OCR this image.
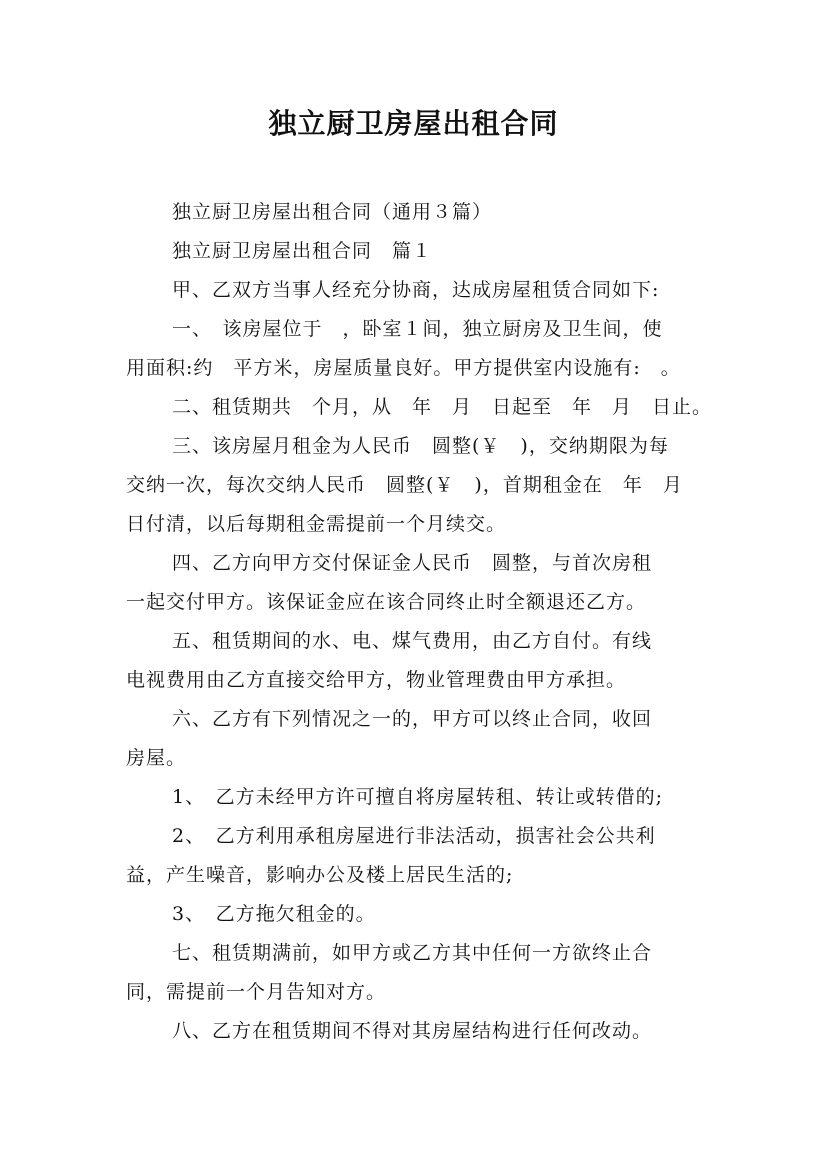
独立厨卫房屋出租合同
独立厨卫房屋出租合同（通用３篇）
独立厨卫房屋出租合同　篇１
甲、乙双方当事人经充分协商，达成房屋租赁合同如下:
一、　该房屋位于　，卧室１间，独立厨房及卫生间，使
用面积:约　平方米，房屋质量良好。甲方提供室内设施有:　。
二、租赁期共　个月，从　年　月　日起至　年　月　日止。
三、该房屋月租金为人民币　圆整(￥　)，交纳期限为每
交纳一次，每次交纳人民币　圆整(￥　)，首期租金在　年　月
日付清，以后每期租金需提前一个月续交。
四、乙方向甲方交付保证金人民币　圆整，与首次房租
一起交付甲方。该保证金应在该合同终止时全额退还乙方。
五、租赁期间的水、电、煤气费用，由乙方自付。有线
电视费用由乙方直接交给甲方，物业管理费由甲方承担。
六、乙方有下列情况之一的，甲方可以终止合同，收回
房屋。
1、　乙方未经甲方许可擅自将房屋转租、转让或转借的;
2、　乙方利用承租房屋进行非法活动，损害社会公共利
益，产生噪音，影响办公及楼上居民生活的;
3、　乙方拖欠租金的。
七、租赁期满前，如甲方或乙方其中任何一方欲终止合
同，需提前一个月告知对方。
八、乙方在租赁期间不得对其房屋结构进行任何改动。
